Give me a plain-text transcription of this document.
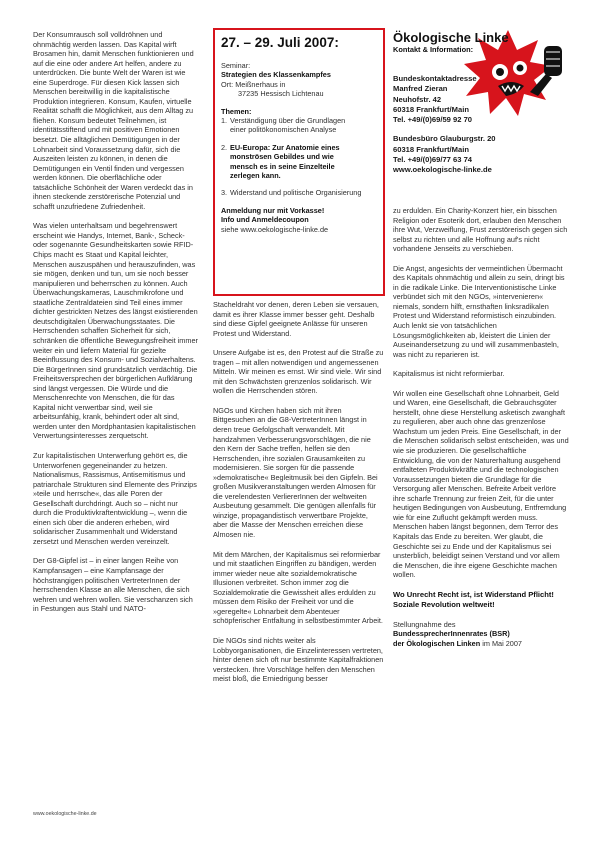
Der Konsumrausch soll volldröhnen und ohnmächtig werden lassen. Das Kapital wirft Brosamen hin, damit Menschen funktionieren und auf die eine oder andere Art helfen, andere zu unterdrücken. Die bunte Welt der Waren ist wie eine Superdroge. Für diesen Kick lassen sich Menschen bereitwillig in die kapitalistische Produktion integrieren. Konsum, Kaufen, virtuelle Realität schafft die Möglichkeit, aus dem Alltag zu fliehen. Konsum bedeutet Teilnehmen, ist identitätsstiftend und mit positiven Emotionen besetzt. Die alltäglichen Demütigungen in der Lohnarbeit sind Voraussetzung dafür, sich die Auszeiten leisten zu können, in denen die Demütigungen ein Ventil finden und vergessen werden können. Die oberflächliche oder tatsächliche Schönheit der Waren verdeckt das in ihnen steckende zerstörerische Potenzial und schafft unzufriedene Zufriedenheit.

Was vielen unterhaltsam und begehrenswert erscheint wie Handys, Internet, Bank-, Scheck- oder sogenannte Gesundheitskarten sowie RFID-Chips macht es Staat und Kapital leichter, Menschen auszuspähen und herauszufinden, was sie mögen, denken und tun, um sie noch besser manipulieren und beherrschen zu können. Auch Überwachungskameras, Lauschmikrofone und staatliche Zentraldateien sind Teil eines immer dichter gestrickten Netzes des längst existierenden deutschdigitalen Überwachungsstaates. Die Herrschenden schaffen Sicherheit für sich, schränken die öffentliche Bewegungsfreiheit immer weiter ein und liefern Material für gezielte Beeinflussung des Konsum- und Sozialverhaltens. Die BürgerInnen sind grundsätzlich verdächtig. Die Freiheitsversprechen der bürgerlichen Aufklärung sind längst vergessen. Die Würde und die Menschenrechte von Menschen, die für das Kapital nicht verwertbar sind, weil sie arbeitsunfähig, krank, behindert oder alt sind, werden unter den Mordphantasien kapitalistischen Verwertungsinteresses zerquetscht.

Zur kapitalistischen Unterwerfung gehört es, die Unterworfenen gegeneinander zu hetzen. Nationalismus, Rassismus, Antisemitismus und patriarchale Strukturen sind Elemente des Prinzips »teile und herrsche«, das alle Poren der Gesellschaft durchdringt. Auch so – nicht nur durch die Produktivkraftentwicklung –, wenn die einen sich über die anderen erheben, wird solidarischer Zusammenhalt und Widerstand zersetzt und Menschen werden vereinzelt.

Der G8-Gipfel ist – in einer langen Reihe von Kampfansagen – eine Kampfansage der höchstrangigen politischen VertreterInnen der herrschenden Klasse an alle Menschen, die sich wehren und wehren wollen. Sie verschanzen sich in Festungen aus Stahl und NATO-

27. – 29. Juli 2007:
Seminar:
Strategien des Klassenkampfes
Ort: Meißnerhaus in
37235 Hessisch Lichtenau
Themen:
1. Verständigung über die Grundlagen
einer politökonomischen Analyse
2. EU-Europa: Zur Anatomie eines
monströsen Gebildes und wie
mensch es in seine Einzelteile
zerlegen kann.
3. Widerstand und politische Organisierung
Anmeldung nur mit Vorkasse!
Info und Anmeldecoupon
siehe www.oekologische-linke.de

Stacheldraht vor denen, deren Leben sie versauen, damit es ihrer Klasse immer besser geht. Deshalb sind diese Gipfel geeignete Anlässe für unseren Protest und Widerstand.

Unsere Aufgabe ist es, den Protest auf die Straße zu tragen – mit allen notwendigen und angemessenen Mitteln. Wir meinen es ernst. Wir sind viele. Wir sind mit den Schwächsten grenzenlos solidarisch. Wir wollen die Herrschenden stören.

NGOs und Kirchen haben sich mit ihren Bittgesuchen an die G8-VertreterInnen längst in deren treue Gefolgschaft verwandelt. Mit handzahmen Verbesserungsvorschlägen, die nie den Kern der Sache treffen, helfen sie den Herrschenden, ihre sozialen Grausamkeiten zu modernisieren. Sie sorgen für die passende »demokratische« Begleitmusik bei den Gipfeln. Bei großen Musikveranstaltungen werden Almosen für die verelendesten VerliererInnen der weltweiten Ausbeutung gesammelt. Die genügen allenfalls für winzige, propagandistisch verwertbare Projekte, aber die Masse der Menschen erreichen diese Almosen nie.

Mit dem Märchen, der Kapitalismus sei reformierbar und mit staatlichen Eingriffen zu bändigen, werden immer wieder neue alte sozialdemokratische Illusionen verbreitet. Schon immer zog die Sozialdemokratie die Gewissheit alles erdulden zu müssen dem Risiko der Freiheit vor und die »geregelte« Lohnarbeit dem Abenteuer schöpferischer Entfaltung in selbstbestimmter Arbeit.

Die NGOs sind nichts weiter als Lobbyorganisationen, die Einzelinteressen vertreten, hinter denen sich oft nur bestimmte Kapitalfraktionen verstecken. Ihre Vorschläge helfen den Menschen meist bloß, die Erniedrigung besser

Ökologische Linke
Kontakt & Information:
Bundeskontaktadresse
Manfred Zieran
Neuhofstr. 42
60318 Frankfurt/Main
Tel. +49/(0)69/59 92 70
Bundesbüro Glauburgstr. 20
60318 Frankfurt/Main
Tel. +49/(0)69/77 63 74
www.oekologische-linke.de

zu erdulden. Ein Charity-Konzert hier, ein bisschen Religion oder Esoterik dort, erlauben den Menschen ihre Wut, Verzweiflung, Frust zerstörerisch gegen sich selbst zu richten und alle Hoffnung auf's nicht vorhandene Jenseits zu verschieben.

Die Angst, angesichts der vermeintlichen Übermacht des Kapitals ohnmächtig und allein zu sein, dringt bis in die radikale Linke. Die Interventionistische Linke verbündet sich mit den NGOs, »intervenieren« niemals, sondern hilft, ernsthaften linksradikalen Protest und Widerstand reformistisch einzubinden. Auch lenkt sie von tatsächlichen Lösungsmöglichkeiten ab, kleistert die Linien der Auseinandersetzung zu und will zusammenbasteln, was nicht zu reparieren ist.

Kapitalismus ist nicht reformierbar.

Wir wollen eine Gesellschaft ohne Lohnarbeit, Geld und Waren, eine Gesellschaft, die Gebrauchsgüter herstellt, ohne diese Herstellung asketisch zwanghaft zu regulieren, aber auch ohne das grenzenlose Wachstum um jeden Preis. Eine Gesellschaft, in der die Menschen solidarisch selbst entscheiden, was und wie sie produzieren. Die gesellschaftliche Entwicklung, die von der Naturerhaltung ausgehend entfalteten Produktivkräfte und die technologischen Voraussetzungen bieten die Grundlage für die Versorgung aller Menschen. Befreite Arbeit verlöre ihre scharfe Trennung zur freien Zeit, für die unter heutigen Bedingungen von Ausbeutung, Entfremdung wie für eine Zuflucht gekämpft werden muss. Menschen haben längst begonnen, dem Terror des Kapitals das Ende zu bereiten. Wer glaubt, die Geschichte sei zu Ende und der Kapitalismus sei unsterblich, beleidigt seinen Verstand und vor allem die Menschen, die ihre eigene Geschichte machen wollen.

Wo Unrecht Recht ist, ist Widerstand Pflicht!
Soziale Revolution weltweit!
Stellungnahme des
BundessprecherInnenrates (BSR)
der Ökologischen Linken im Mai 2007
www.oekologische-linke.de
